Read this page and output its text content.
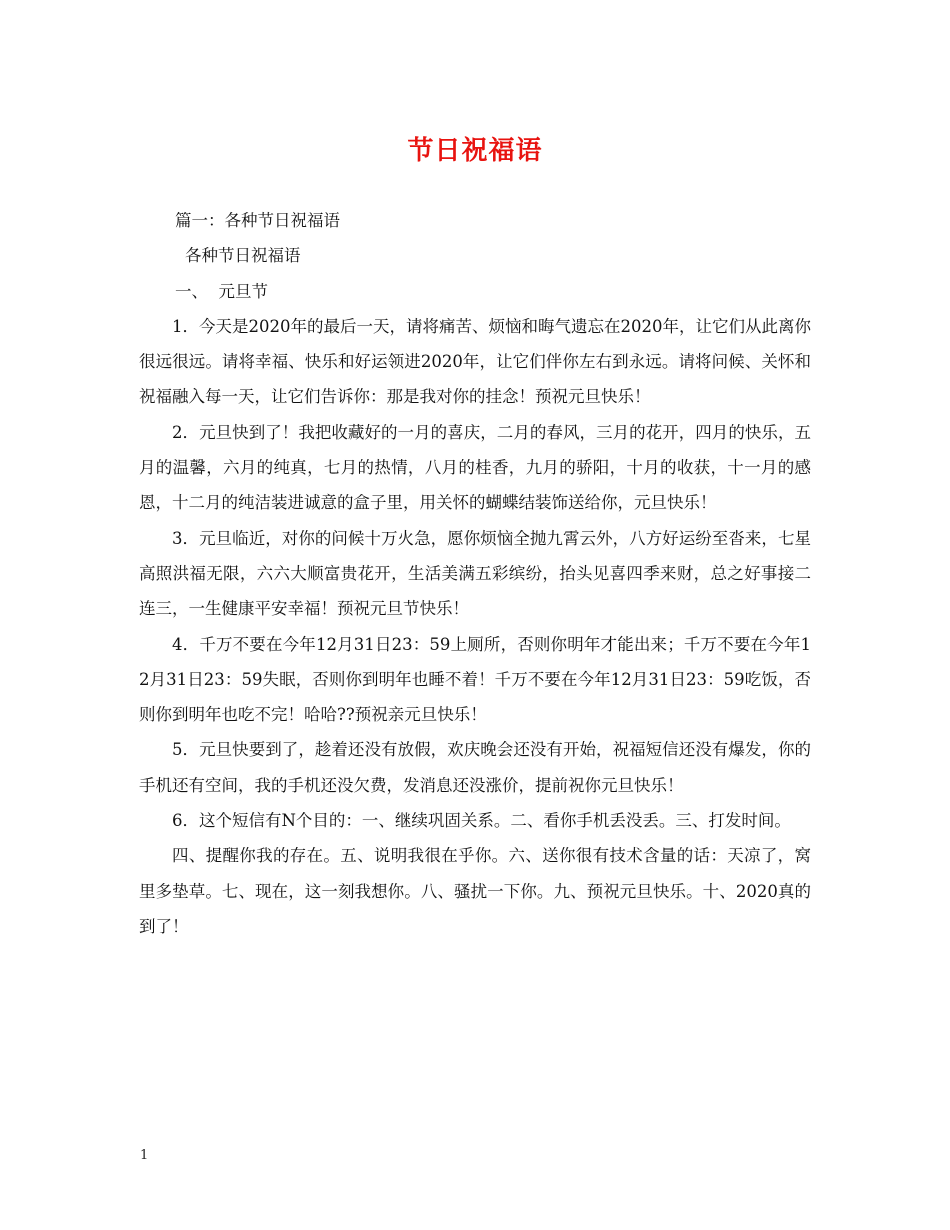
节日祝福语

篇一：各种节日祝福语

各种节日祝福语

一、  元旦节

1．今天是2020年的最后一天，请将痛苦、烦恼和晦气遗忘在2020年，让它们从此离你很远很远。请将幸福、快乐和好运领进2020年，让它们伴你左右到永远。请将问候、关怀和祝福融入每一天，让它们告诉你：那是我对你的挂念！预祝元旦快乐！

2．元旦快到了！我把收藏好的一月的喜庆，二月的春风，三月的花开，四月的快乐，五月的温馨，六月的纯真，七月的热情，八月的桂香，九月的骄阳，十月的收获，十一月的感恩，十二月的纯洁装进诚意的盒子里，用关怀的蝴蝶结装饰送给你，元旦快乐！

3．元旦临近，对你的问候十万火急，愿你烦恼全抛九霄云外，八方好运纷至沓来，七星高照洪福无限，六六大顺富贵花开，生活美满五彩缤纷，抬头见喜四季来财，总之好事接二连三，一生健康平安幸福！预祝元旦节快乐！

4．千万不要在今年12月31日23：59上厕所，否则你明年才能出来；千万不要在今年12月31日23：59失眠，否则你到明年也睡不着！千万不要在今年12月31日23：59吃饭，否则你到明年也吃不完！哈哈??预祝亲元旦快乐！

5．元旦快要到了，趁着还没有放假，欢庆晚会还没有开始，祝福短信还没有爆发，你的手机还有空间，我的手机还没欠费，发消息还没涨价，提前祝你元旦快乐！

6．这个短信有N个目的：一、继续巩固关系。二、看你手机丢没丢。三、打发时间。

四、提醒你我的存在。五、说明我很在乎你。六、送你很有技术含量的话：天凉了，窝里多垫草。七、现在，这一刻我想你。八、骚扰一下你。九、预祝元旦快乐。十、2020真的到了！

1
